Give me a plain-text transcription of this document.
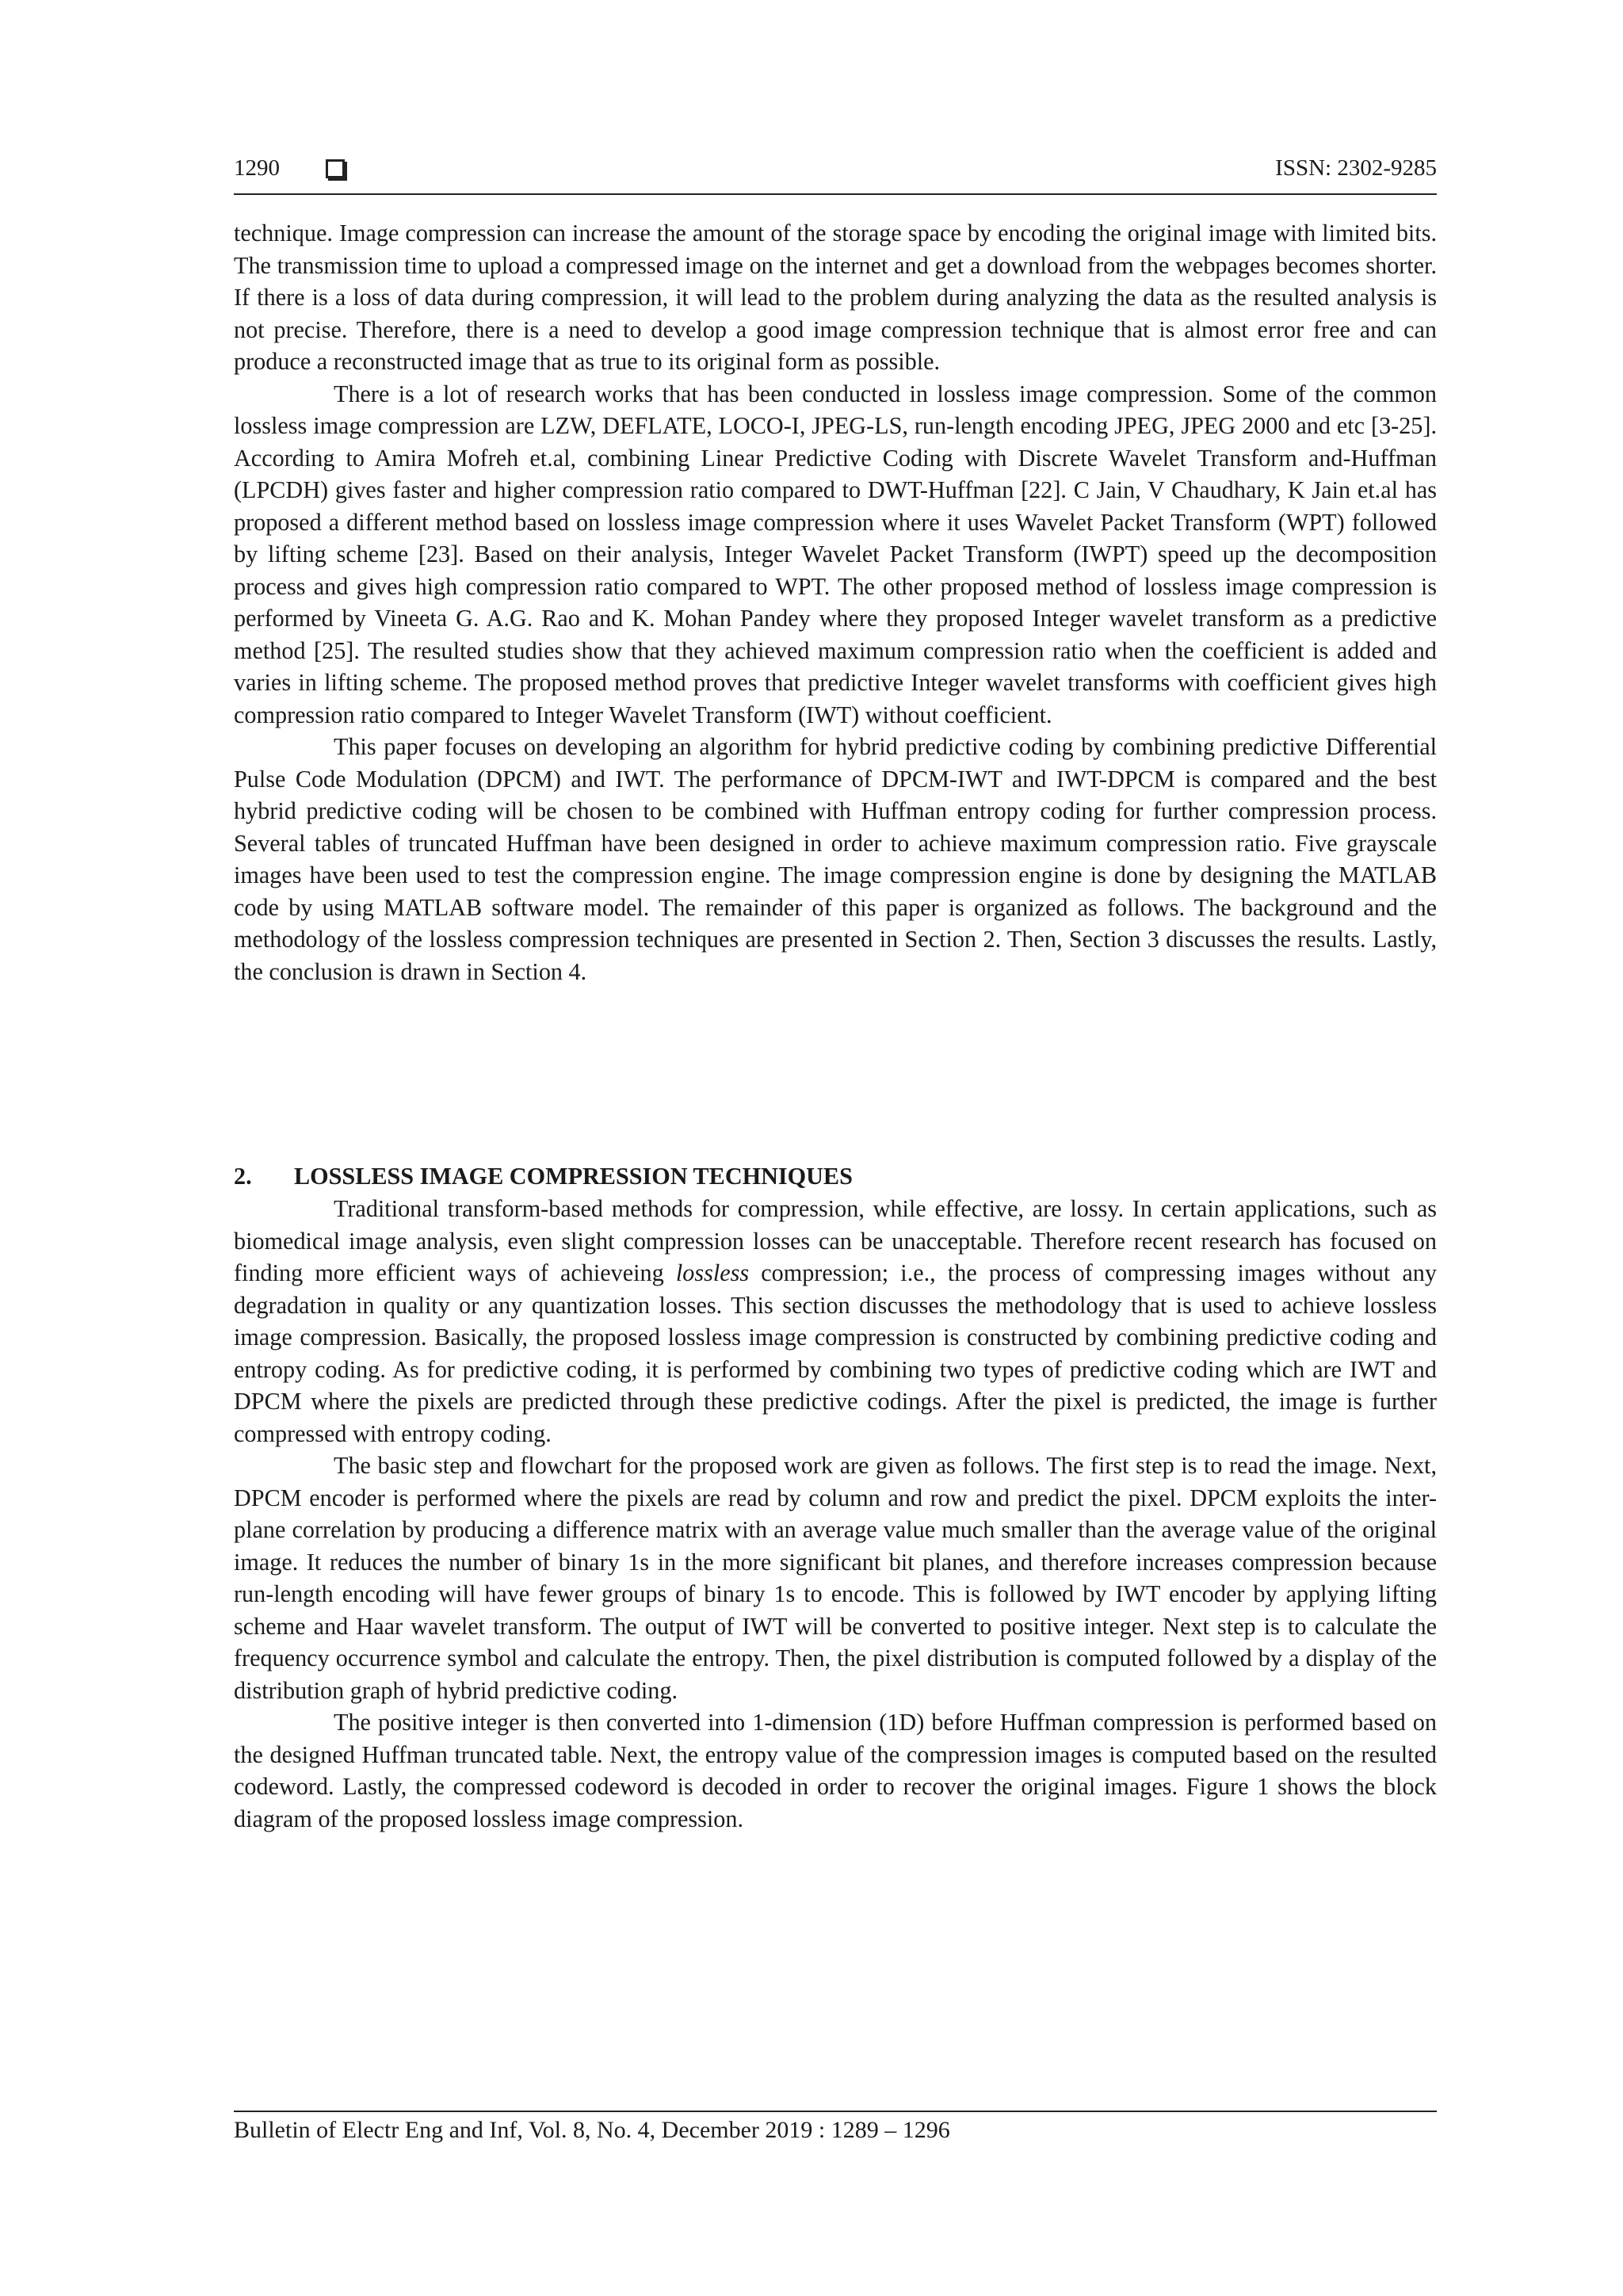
1290	ISSN: 2302-9285

technique. Image compression can increase the amount of the storage space by encoding the original image with limited bits. The transmission time to upload a compressed image on the internet and get a download from the webpages becomes shorter. If there is a loss of data during compression, it will lead to the problem during analyzing the data as the resulted analysis is not precise. Therefore, there is a need to develop a good image compression technique that is almost error free and can produce a reconstructed image that as true to its original form as possible.

There is a lot of research works that has been conducted in lossless image compression. Some of the common lossless image compression are LZW, DEFLATE, LOCO-I, JPEG-LS, run-length encoding JPEG, JPEG 2000 and etc [3-25]. According to Amira Mofreh et.al, combining Linear Predictive Coding with Discrete Wavelet Transform and-Huffman (LPCDH) gives faster and higher compression ratio compared to DWT-Huffman [22]. C Jain, V Chaudhary, K Jain et.al has proposed a different method based on lossless image compression where it uses Wavelet Packet Transform (WPT) followed by lifting scheme [23]. Based on their analysis, Integer Wavelet Packet Transform (IWPT) speed up the decomposition process and gives high compression ratio compared to WPT. The other proposed method of lossless image compression is performed by Vineeta G. A.G. Rao and K. Mohan Pandey where they proposed Integer wavelet transform as a predictive method [25]. The resulted studies show that they achieved maximum compression ratio when the coefficient is added and varies in lifting scheme. The proposed method proves that predictive Integer wavelet transforms with coefficient gives high compression ratio compared to Integer Wavelet Transform (IWT) without coefficient.

This paper focuses on developing an algorithm for hybrid predictive coding by combining predictive Differential Pulse Code Modulation (DPCM) and IWT. The performance of DPCM-IWT and IWT-DPCM is compared and the best hybrid predictive coding will be chosen to be combined with Huffman entropy coding for further compression process. Several tables of truncated Huffman have been designed in order to achieve maximum compression ratio. Five grayscale images have been used to test the compression engine. The image compression engine is done by designing the MATLAB code by using MATLAB software model. The remainder of this paper is organized as follows. The background and the methodology of the lossless compression techniques are presented in Section 2. Then, Section 3 discusses the results. Lastly, the conclusion is drawn in Section 4.

2. LOSSLESS IMAGE COMPRESSION TECHNIQUES

Traditional transform-based methods for compression, while effective, are lossy. In certain applications, such as biomedical image analysis, even slight compression losses can be unacceptable. Therefore recent research has focused on finding more efficient ways of achieveing lossless compression; i.e., the process of compressing images without any degradation in quality or any quantization losses. This section discusses the methodology that is used to achieve lossless image compression. Basically, the proposed lossless image compression is constructed by combining predictive coding and entropy coding. As for predictive coding, it is performed by combining two types of predictive coding which are IWT and DPCM where the pixels are predicted through these predictive codings. After the pixel is predicted, the image is further compressed with entropy coding.

The basic step and flowchart for the proposed work are given as follows. The first step is to read the image. Next, DPCM encoder is performed where the pixels are read by column and row and predict the pixel. DPCM exploits the inter-plane correlation by producing a difference matrix with an average value much smaller than the average value of the original image. It reduces the number of binary 1s in the more significant bit planes, and therefore increases compression because run-length encoding will have fewer groups of binary 1s to encode. This is followed by IWT encoder by applying lifting scheme and Haar wavelet transform. The output of IWT will be converted to positive integer. Next step is to calculate the frequency occurrence symbol and calculate the entropy. Then, the pixel distribution is computed followed by a display of the distribution graph of hybrid predictive coding.

The positive integer is then converted into 1-dimension (1D) before Huffman compression is performed based on the designed Huffman truncated table. Next, the entropy value of the compression images is computed based on the resulted codeword. Lastly, the compressed codeword is decoded in order to recover the original images. Figure 1 shows the block diagram of the proposed lossless image compression.

Bulletin of Electr Eng and Inf, Vol. 8, No. 4, December 2019 : 1289 – 1296
